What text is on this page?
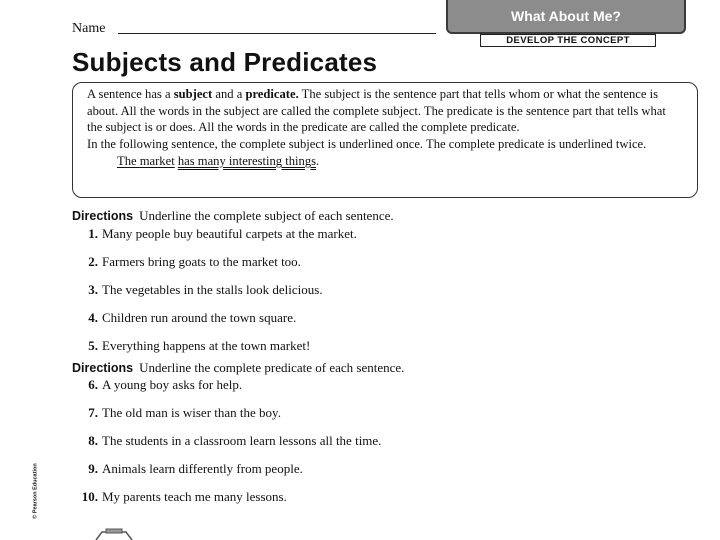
Name
What About Me?
DEVELOP THE CONCEPT
Subjects and Predicates

A sentence has a subject and a predicate. The subject is the sentence part that tells whom or what the sentence is about. All the words in the subject are called the complete subject. The predicate is the sentence part that tells what the subject is or does. All the words in the predicate are called the complete predicate.

In the following sentence, the complete subject is underlined once. The complete predicate is underlined twice.

The market has many interesting things.

Directions Underline the complete subject of each sentence.
1. Many people buy beautiful carpets at the market.
2. Farmers bring goats to the market too.
3. The vegetables in the stalls look delicious.
4. Children run around the town square.
5. Everything happens at the town market!
Directions Underline the complete predicate of each sentence.
6. A young boy asks for help.
7. The old man is wiser than the boy.
8. The students in a classroom learn lessons all the time.
9. Animals learn differently from people.
10. My parents teach me many lessons.
© Pearson Education
